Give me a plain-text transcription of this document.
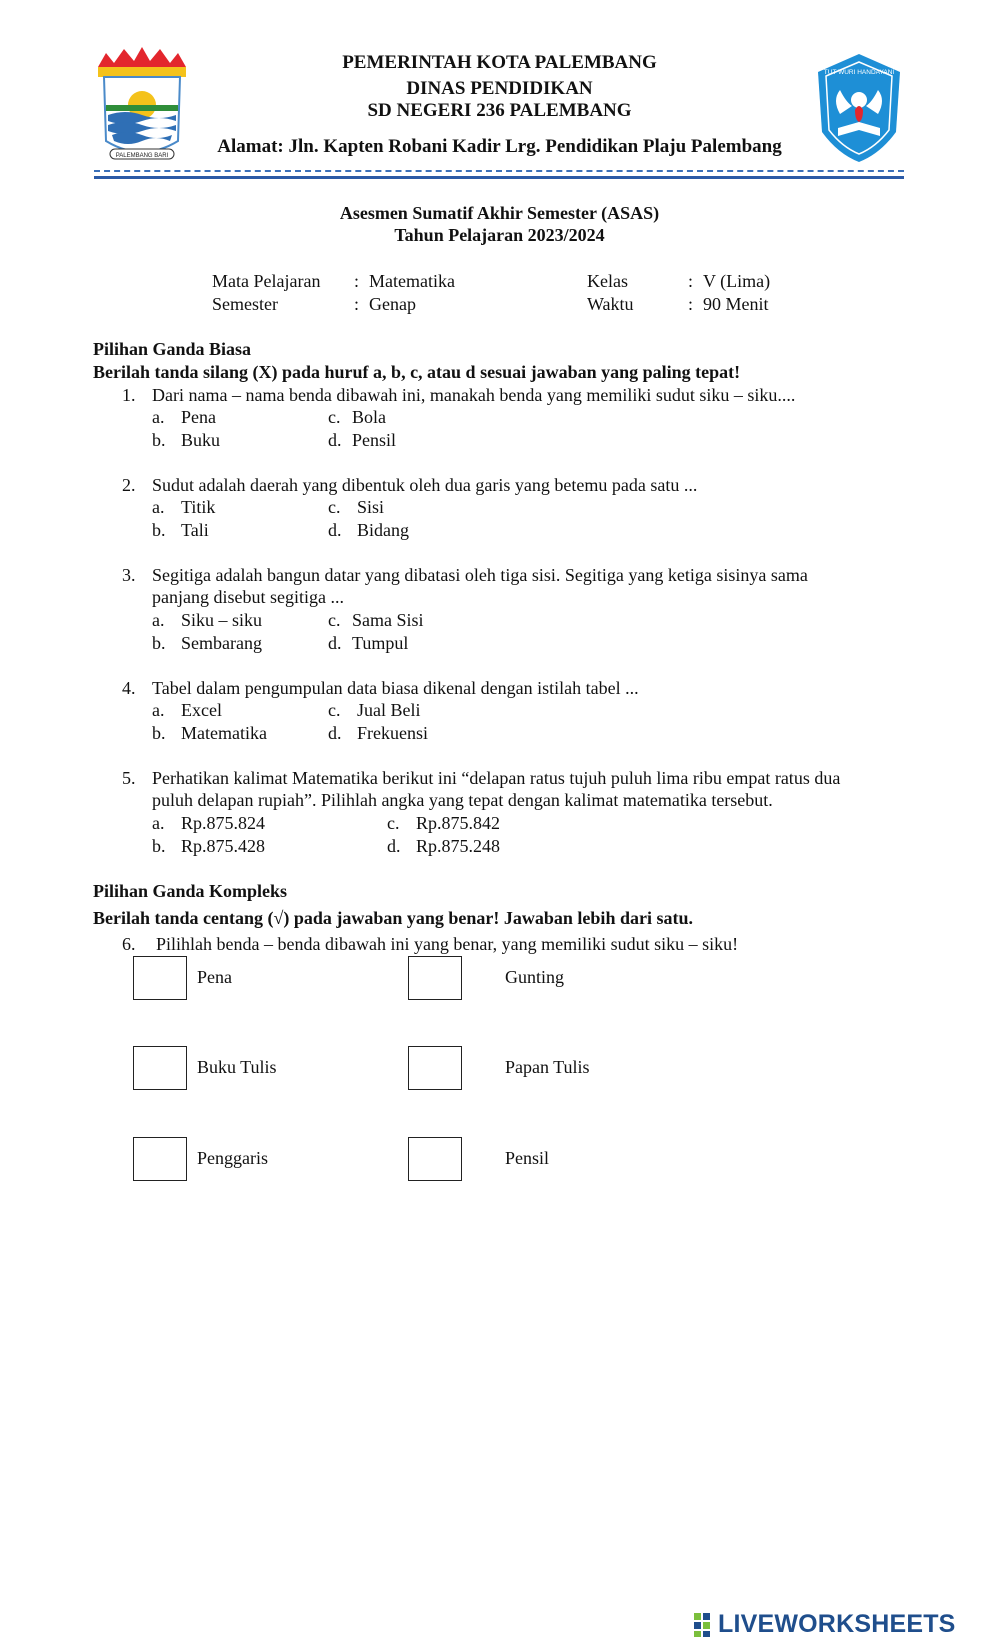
PALEMBANG BARI
TUT WURI HANDAYANI
PEMERINTAH KOTA PALEMBANG
DINAS PENDIDIKAN
SD NEGERI 236 PALEMBANG
Alamat: Jln. Kapten Robani Kadir Lrg. Pendidikan Plaju Palembang
Asesmen Sumatif Akhir Semester (ASAS)
Tahun Pelajaran 2023/2024
Mata Pelajaran : Matematika	Kelas	: V (Lima)
Semester	: Genap	Waktu	: 90 Menit
Pilihan Ganda Biasa
Berilah tanda silang (X) pada huruf a, b, c, atau d sesuai jawaban yang paling tepat!
1. Dari nama – nama benda dibawah ini, manakah benda yang memiliki sudut siku – siku....
a. Pena	c. Bola
b. Buku	d. Pensil
2. Sudut adalah daerah yang dibentuk oleh dua garis yang betemu pada satu ...
a. Titik	c. Sisi
b. Tali	d. Bidang
3. Segitiga adalah bangun datar yang dibatasi oleh tiga sisi. Segitiga yang ketiga sisinya sama
panjang disebut segitiga ...
a. Siku – siku	c. Sama Sisi
b. Sembarang	d. Tumpul
4. Tabel dalam pengumpulan data biasa dikenal dengan istilah tabel ...
a. Excel	c. Jual Beli
b. Matematika	d. Frekuensi
5. Perhatikan kalimat Matematika berikut ini “delapan ratus tujuh puluh lima ribu empat ratus dua
puluh delapan rupiah”. Pilihlah angka yang tepat dengan kalimat matematika tersebut.
a. Rp.875.824	c. Rp.875.842
b. Rp.875.428	d. Rp.875.248
Pilihan Ganda Kompleks
Berilah tanda centang (√) pada jawaban yang benar! Jawaban lebih dari satu.
6. Pilihlah benda – benda dibawah ini yang benar, yang memiliki sudut siku – siku!
Pena	Gunting
Buku Tulis	Papan Tulis
Penggaris	Pensil
LIVEWORKSHEETS
